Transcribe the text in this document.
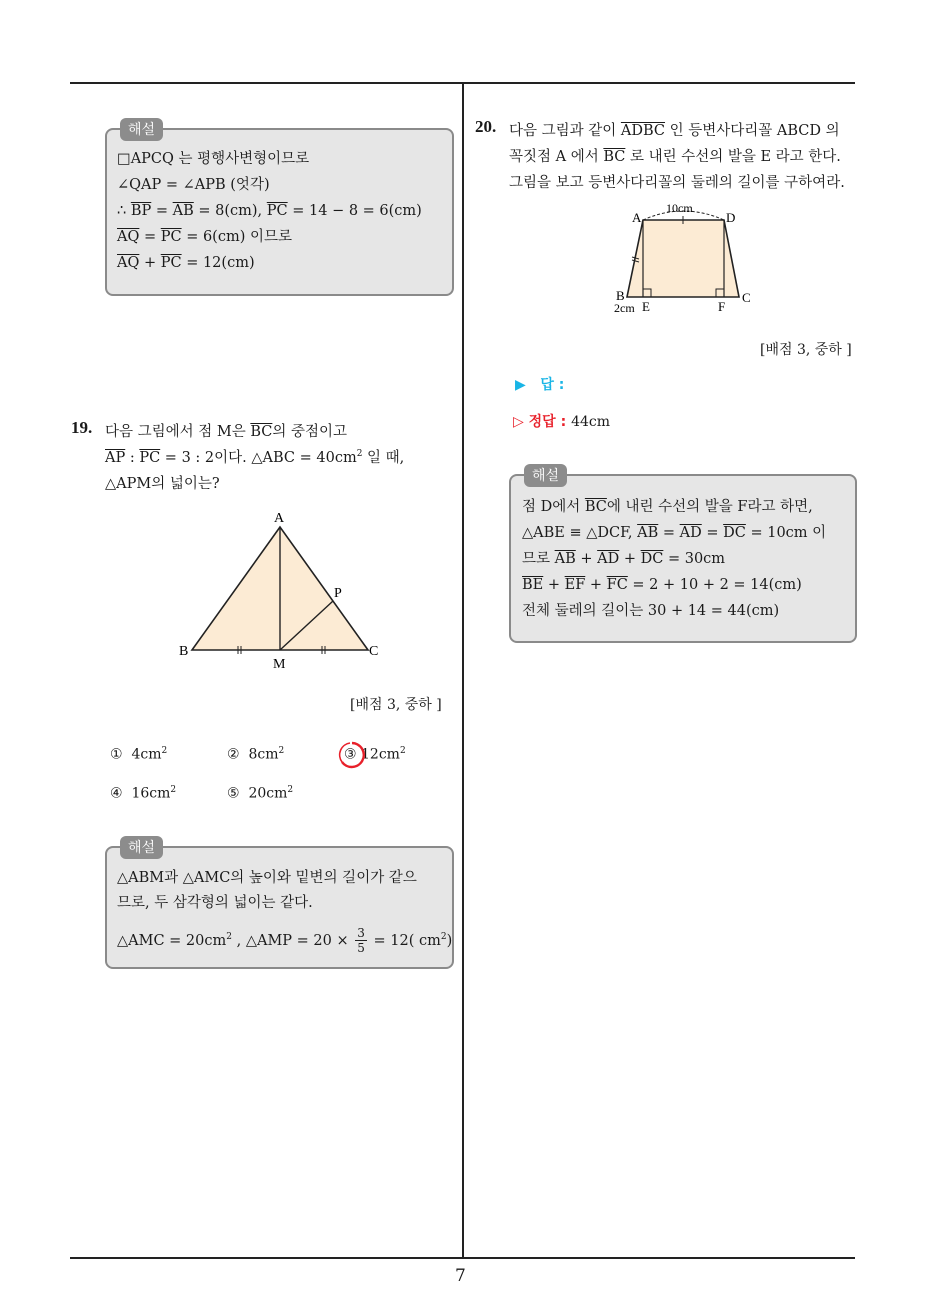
7
해설
□APCQ 는 평행사변형이므로
∠QAP = ∠APB (엇각)
∴ $\overline{BP} = \overline{AB} = 8(cm)$, $\overline{PC} = 14 - 8 = 6(cm)$
$\overline{AQ} = \overline{PC} = 6(cm)$ 이므로
$\overline{AQ} + \overline{PC} = 12(cm)$
19. 다음 그림에서 점 M은 $\overline{BC}$의 중점이고
$\overline{AP}$ : $\overline{PC} = 3$ : 2이다. △ABC = $40cm^2$ 일 때,
△APM의 넓이는?
A
B	C
M
P
[배점 3, 중하 ]
① $4cm^2$	② $8cm^2$	③ $12cm^2$
④ $16cm^2$	⑤ $20cm^2$
해설
△ABM과 △AMC의 높이와 밑변의 길이가 같으
므로, 두 삼각형의 넓이는 같다.
△AMC = $20cm^2$ , △AMP = $20 \times \frac{3}{5} = 12$( $cm^2$)
20. 다음 그림과 같이 ADBC 인 등변사다리꼴 ABCD 의
꼭짓점 A 에서 $\overline{BC}$ 로 내린 수선의 발을 E 라고 한다.
그림을 보고 등변사다리꼴의 둘레의 길이를 구하여라.
10cm
A	D
B	C
2cm E	F
[배점 3, 중하 ]
▶ 답 :
▷ 정답 : 44cm
해설
점 D에서 $\overline{BC}$에 내린 수선의 발을 F라고 하면,
△ABE ≡ △DCF, $\overline{AB} = \overline{AD} = \overline{DC} = 10cm$ 이
므로 $\overline{AB} + \overline{AD} + \overline{DC} = 30cm$
$\overline{BE} + \overline{EF} + \overline{FC} = 2 + 10 + 2 = 14(cm)$
전체 둘레의 길이는 30 + 14 = 44(cm)
